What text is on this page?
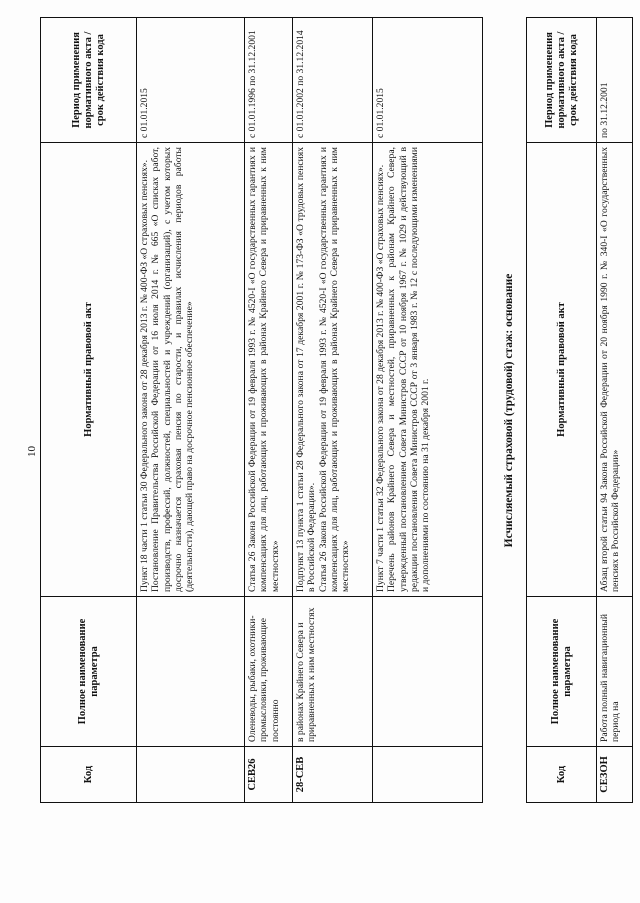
10
Код	Полное наименование параметра	Нормативный правовой акт	Период применения нормативного акта / срок действия кода

		Пункт 18 части 1 статьи 30 Федерального закона от 28 декабря 2013 г. № 400-ФЗ «О страховых пенсиях». Постановление Правительства Российской Федерации от 16 июля 2014 г. № 665 «О списках работ, производств, профессий, должностей, специальностей и учреждений (организаций), с учетом которых досрочно назначается страховая пенсия по старости, и правилах исчисления периодов работы (деятельности), дающей право на досрочное пенсионное обеспечение»	с 01.01.2015
СЕВ26	Оленеводы, рыбаки, охотники-промысловики, проживающие постоянно	Статья 26 Закона Российской Федерации от 19 февраля 1993 г. № 4520-I «О государственных гарантиях и компенсациях для лиц, работающих и проживающих в районах Крайнего Севера и приравненных к ним местностях»	с 01.01.1996 по 31.12.2001
28-СЕВ	в районах Крайнего Севера и приравненных к ним местностях	Подпункт 13 пункта 1 статьи 28 Федерального закона от 17 декабря 2001 г. № 173-ФЗ «О трудовых пенсиях в Российской Федерации». Статья 26 Закона Российской Федерации от 19 февраля 1993 г. № 4520-I «О государственных гарантиях и компенсациях для лиц, работающих и проживающих в районах Крайнего Севера и приравненных к ним местностях»	с 01.01.2002 по 31.12.2014

		Пункт 7 части 1 статьи 32 Федерального закона от 28 декабря 2013 г. № 400-ФЗ «О страховых пенсиях». Перечень районов Крайнего Севера и местностей, приравненных к районам Крайнего Севера, утвержденный постановлением Совета Министров СССР от 10 ноября 1967 г. № 1029 и действующий в редакции постановления Совета Министров СССР от 3 января 1983 г. № 12 с последующими изменениями и дополнениями по состоянию на 31 декабря 2001 г.	с 01.01.2015
Исчисляемый страховой (трудовой) стаж: основание
Код	Полное наименование параметра	Нормативный правовой акт	Период применения нормативного акта / срок действия кода
СЕЗОН	Работа полный навигационный период на	Абзац второй статьи 94 Закона Российской Федерации от 20 ноября 1990 г. № 340-I «О государственных пенсиях в Российской Федерации»	по 31.12.2001
